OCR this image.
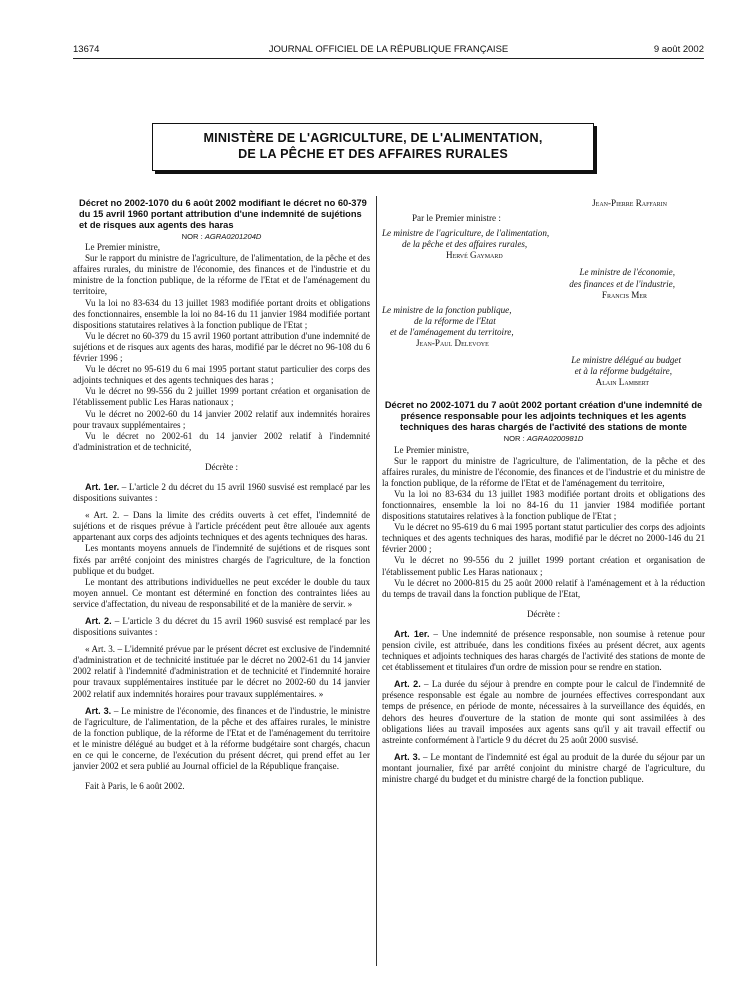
13674	JOURNAL OFFICIEL DE LA RÉPUBLIQUE FRANÇAISE	9 août 2002
MINISTÈRE DE L'AGRICULTURE, DE L'ALIMENTATION,
DE LA PÊCHE ET DES AFFAIRES RURALES

Décret no 2002-1070 du 6 août 2002 modifiant le décret no 60-379 du 15 avril 1960 portant attribution d'une indemnité de sujétions et de risques aux agents des haras

NOR : AGRA0201204D

Le Premier ministre,

Sur le rapport du ministre de l'agriculture, de l'alimentation, de la pêche et des affaires rurales, du ministre de l'économie, des finances et de l'industrie et du ministre de la fonction publique, de la réforme de l'Etat et de l'aménagement du territoire,

Vu la loi no 83-634 du 13 juillet 1983 modifiée portant droits et obligations des fonctionnaires, ensemble la loi no 84-16 du 11 janvier 1984 modifiée portant dispositions statutaires relatives à la fonction publique de l'Etat ;

Vu le décret no 60-379 du 15 avril 1960 portant attribution d'une indemnité de sujétions et de risques aux agents des haras, modifié par le décret no 96-108 du 6 février 1996 ;

Vu le décret no 95-619 du 6 mai 1995 portant statut particulier des corps des adjoints techniques et des agents techniques des haras ;

Vu le décret no 99-556 du 2 juillet 1999 portant création et organisation de l'établissement public Les Haras nationaux ;

Vu le décret no 2002-60 du 14 janvier 2002 relatif aux indemnités horaires pour travaux supplémentaires ;

Vu le décret no 2002-61 du 14 janvier 2002 relatif à l'indemnité d'administration et de technicité,

Décrète :

Art. 1er. – L'article 2 du décret du 15 avril 1960 susvisé est remplacé par les dispositions suivantes :

« Art. 2. – Dans la limite des crédits ouverts à cet effet, l'indemnité de sujétions et de risques prévue à l'article précédent peut être allouée aux agents appartenant aux corps des adjoints techniques et des agents techniques des haras.

Les montants moyens annuels de l'indemnité de sujétions et de risques sont fixés par arrêté conjoint des ministres chargés de l'agriculture, de la fonction publique et du budget.

Le montant des attributions individuelles ne peut excéder le double du taux moyen annuel. Ce montant est déterminé en fonction des contraintes liées au service d'affectation, du niveau de responsabilité et de la manière de servir. »

Art. 2. – L'article 3 du décret du 15 avril 1960 susvisé est remplacé par les dispositions suivantes :

« Art. 3. – L'idemnité prévue par le présent décret est exclusive de l'indemnité d'administration et de technicité instituée par le décret no 2002-61 du 14 janvier 2002 relatif à l'indemnité d'administration et de technicité et l'indemnité horaire pour travaux supplémentaires instituée par le décret no 2002-60 du 14 janvier 2002 relatif aux indemnités horaires pour travaux supplémentaires. »

Art. 3. – Le ministre de l'économie, des finances et de l'industrie, le ministre de l'agriculture, de l'alimentation, de la pêche et des affaires rurales, le ministre de la fonction publique, de la réforme de l'Etat et de l'aménagement du territoire et le ministre délégué au budget et à la réforme budgétaire sont chargés, chacun en ce qui le concerne, de l'exécution du présent décret, qui prend effet au 1er janvier 2002 et sera publié au Journal officiel de la République française.

Fait à Paris, le 6 août 2002.

Jean-Pierre Raffarin
Par le Premier ministre :
Le ministre de l'agriculture, de l'alimentation,
de la pêche et des affaires rurales,
Hervé Gaymard
Le ministre de l'économie,
des finances et de l'industrie,
Francis Mer
Le ministre de la fonction publique,
de la réforme de l'Etat
et de l'aménagement du territoire,
Jean-Paul Delevoye
Le ministre délégué au budget
et à la réforme budgétaire,
Alain Lambert

Décret no 2002-1071 du 7 août 2002 portant création d'une indemnité de présence responsable pour les adjoints techniques et les agents techniques des haras chargés de l'activité des stations de monte

NOR : AGRA0200981D

Le Premier ministre,

Sur le rapport du ministre de l'agriculture, de l'alimentation, de la pêche et des affaires rurales, du ministre de l'économie, des finances et de l'industrie et du ministre de la fonction publique, de la réforme de l'Etat et de l'aménagement du territoire,

Vu la loi no 83-634 du 13 juillet 1983 modifiée portant droits et obligations des fonctionnaires, ensemble la loi no 84-16 du 11 janvier 1984 modifiée portant dispositions statutaires relatives à la fonction publique de l'Etat ;

Vu le décret no 95-619 du 6 mai 1995 portant statut particulier des corps des adjoints techniques et des agents techniques des haras, modifié par le décret no 2000-146 du 21 février 2000 ;

Vu le décret no 99-556 du 2 juillet 1999 portant création et organisation de l'établissement public Les Haras nationaux ;

Vu le décret no 2000-815 du 25 août 2000 relatif à l'aménagement et à la réduction du temps de travail dans la fonction publique de l'Etat,

Décrète :

Art. 1er. – Une indemnité de présence responsable, non soumise à retenue pour pension civile, est attribuée, dans les conditions fixées au présent décret, aux agents techniques et adjoints techniques des haras chargés de l'activité des stations de monte de cet établissement et titulaires d'un ordre de mission pour se rendre en station.

Art. 2. – La durée du séjour à prendre en compte pour le calcul de l'indemnité de présence responsable est égale au nombre de journées effectives correspondant aux temps de présence, en période de monte, nécessaires à la surveillance des équidés, en dehors des heures d'ouverture de la station de monte qui sont assimilées à des obligations liées au travail imposées aux agents sans qu'il y ait travail effectif ou astreinte conformément à l'article 9 du décret du 25 août 2000 susvisé.

Art. 3. – Le montant de l'indemnité est égal au produit de la durée du séjour par un montant journalier, fixé par arrêté conjoint du ministre chargé de l'agriculture, du ministre chargé du budget et du ministre chargé de la fonction publique.
